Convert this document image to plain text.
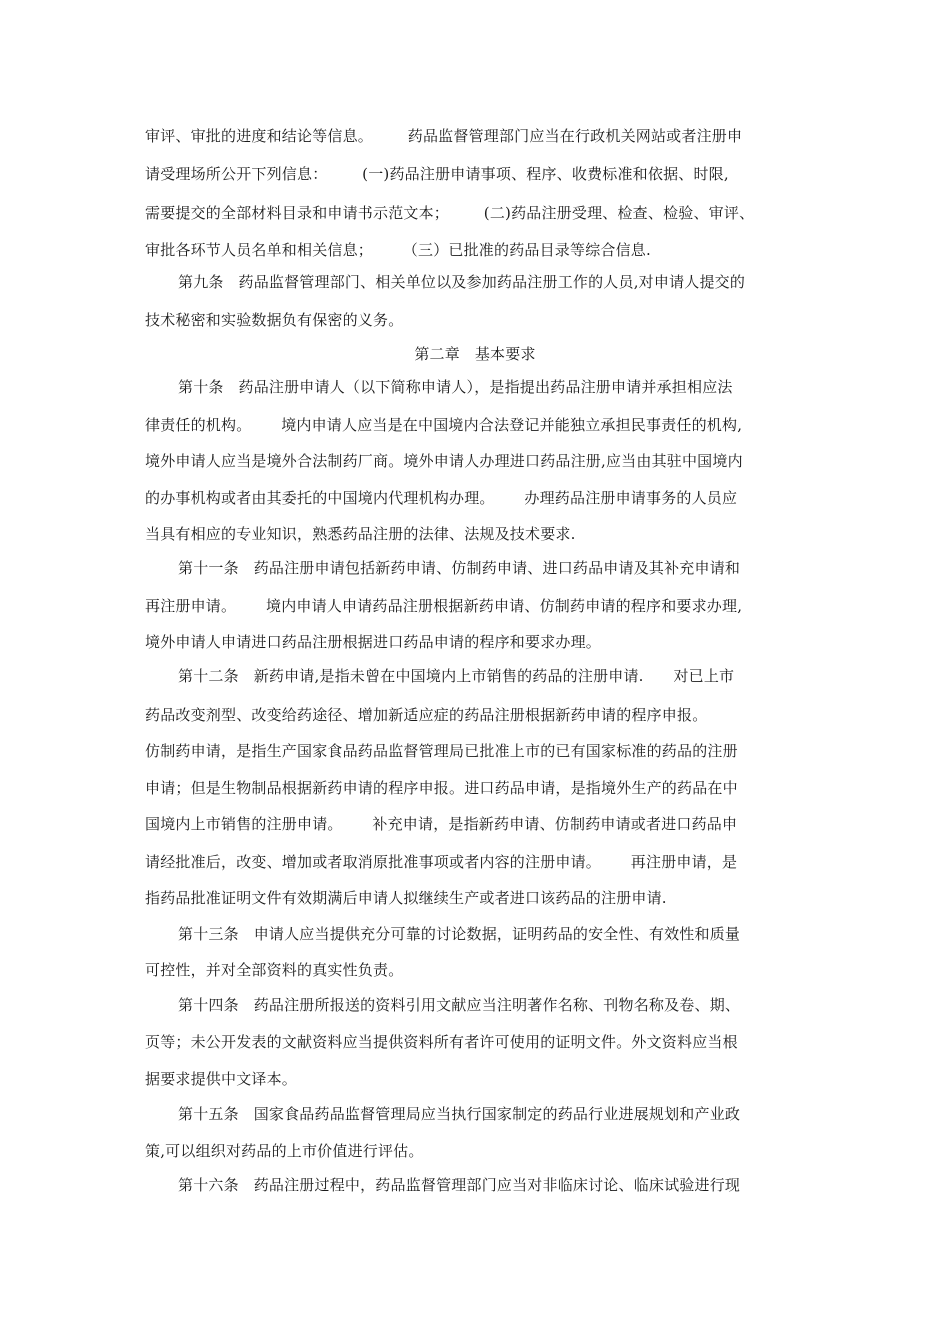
审评、审批的进度和结论等信息。       药品监督管理部门应当在行政机关网站或者注册申
请受理场所公开下列信息：       (一)药品注册申请事项、程序、收费标准和依据、时限,
需要提交的全部材料目录和申请书示范文本；       (二)药品注册受理、检查、检验、审评、
审批各环节人员名单和相关信息；      （三）已批准的药品目录等综合信息.
第九条   药品监督管理部门、相关单位以及参加药品注册工作的人员,对申请人提交的
技术秘密和实验数据负有保密的义务。
第二章   基本要求
第十条   药品注册申请人（以下简称申请人），是指提出药品注册申请并承担相应法
律责任的机构。      境内申请人应当是在中国境内合法登记并能独立承担民事责任的机构,
境外申请人应当是境外合法制药厂商。境外申请人办理进口药品注册,应当由其驻中国境内
的办事机构或者由其委托的中国境内代理机构办理。      办理药品注册申请事务的人员应
当具有相应的专业知识，熟悉药品注册的法律、法规及技术要求.
第十一条   药品注册申请包括新药申请、仿制药申请、进口药品申请及其补充申请和
再注册申请。      境内申请人申请药品注册根据新药申请、仿制药申请的程序和要求办理,
境外申请人申请进口药品注册根据进口药品申请的程序和要求办理。
第十二条   新药申请,是指未曾在中国境内上市销售的药品的注册申请.      对已上市
药品改变剂型、改变给药途径、增加新适应症的药品注册根据新药申请的程序申报。
仿制药申请，是指生产国家食品药品监督管理局已批准上市的已有国家标准的药品的注册
申请；但是生物制品根据新药申请的程序申报。进口药品申请，是指境外生产的药品在中
国境内上市销售的注册申请。      补充申请，是指新药申请、仿制药申请或者进口药品申
请经批准后，改变、增加或者取消原批准事项或者内容的注册申请。      再注册申请，是
指药品批准证明文件有效期满后申请人拟继续生产或者进口该药品的注册申请.
第十三条   申请人应当提供充分可靠的讨论数据，证明药品的安全性、有效性和质量
可控性，并对全部资料的真实性负责。
第十四条   药品注册所报送的资料引用文献应当注明著作名称、刊物名称及卷、期、
页等；未公开发表的文献资料应当提供资料所有者许可使用的证明文件。外文资料应当根
据要求提供中文译本。
第十五条   国家食品药品监督管理局应当执行国家制定的药品行业进展规划和产业政
策,可以组织对药品的上市价值进行评估。
第十六条   药品注册过程中，药品监督管理部门应当对非临床讨论、临床试验进行现
